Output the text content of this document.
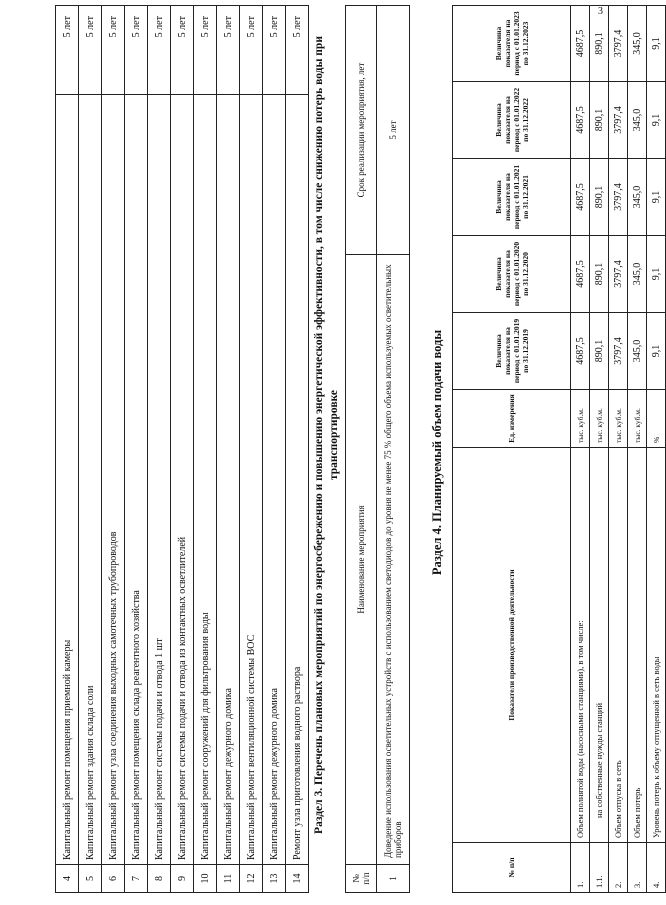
3
4	Капитальный ремонт помещения приемной камеры	5 лет
5	Капитальный ремонт здания склада соли	5 лет
6	Капитальный ремонт узла соединения выходных самотечных трубопроводов	5 лет
7	Капитальный ремонт помещения склада реагентного хозяйства	5 лет
8	Капитальный ремонт системы подачи и отвода 1 шт	5 лет
9	Капитальный ремонт системы подачи и отвода из контактных осветлителей	5 лет
10	Капитальный ремонт сооружений для фильтрования воды	5 лет
11	Капитальный ремонт дежурного домика	5 лет
12	Капитальный ремонт вентиляционной системы ВОС	5 лет
13	Капитальный ремонт дежурного домика	5 лет
14	Ремонт узла приготовления водного раствора	5 лет
Раздел 3. Перечень плановых мероприятий по энергосбережению и повышению энергетической эффективности, в том числе снижению потерь воды при транспортировке
№ п/п	Наименование мероприятия	Срок реализации мероприятия, лет
1	Доведение использования осветительных устройств с использованием светодиодов до уровня не менее 75 % общего объема используемых осветительных приборов	5 лет
Раздел 4. Планируемый объем подачи воды
№ п/п	Показатели производственной деятельности	Ед. измерения	Величина показателя на период с 01.01.2019 по 31.12.2019	Величина показателя на период с 01.01.2020 по 31.12.2020	Величина показателя на период с 01.01.2021 по 31.12.2021	Величина показателя на период с 01.01.2022 по 31.12.2022	Величина показателя на период с 01.01.2023 по 31.12.2023
1.	Объем полнятой воды (насосными станциями), в том числе:	тыс. куб.м.	4687,5	4687,5	4687,5	4687,5	4687,5
1.1.	на собственные нужды станций	тыс. куб.м.	890,1	890,1	890,1	890,1	890,1
2.	Объем отпуска в сеть	тыс. куб.м.	3797,4	3797,4	3797,4	3797,4	3797,4
3.	Объем потерь	тыс. куб.м.	345,0	345,0	345,0	345,0	345,0
4.	Уровень потерь к объему отпущенной в сеть воды	%	9,1	9,1	9,1	9,1	9,1
